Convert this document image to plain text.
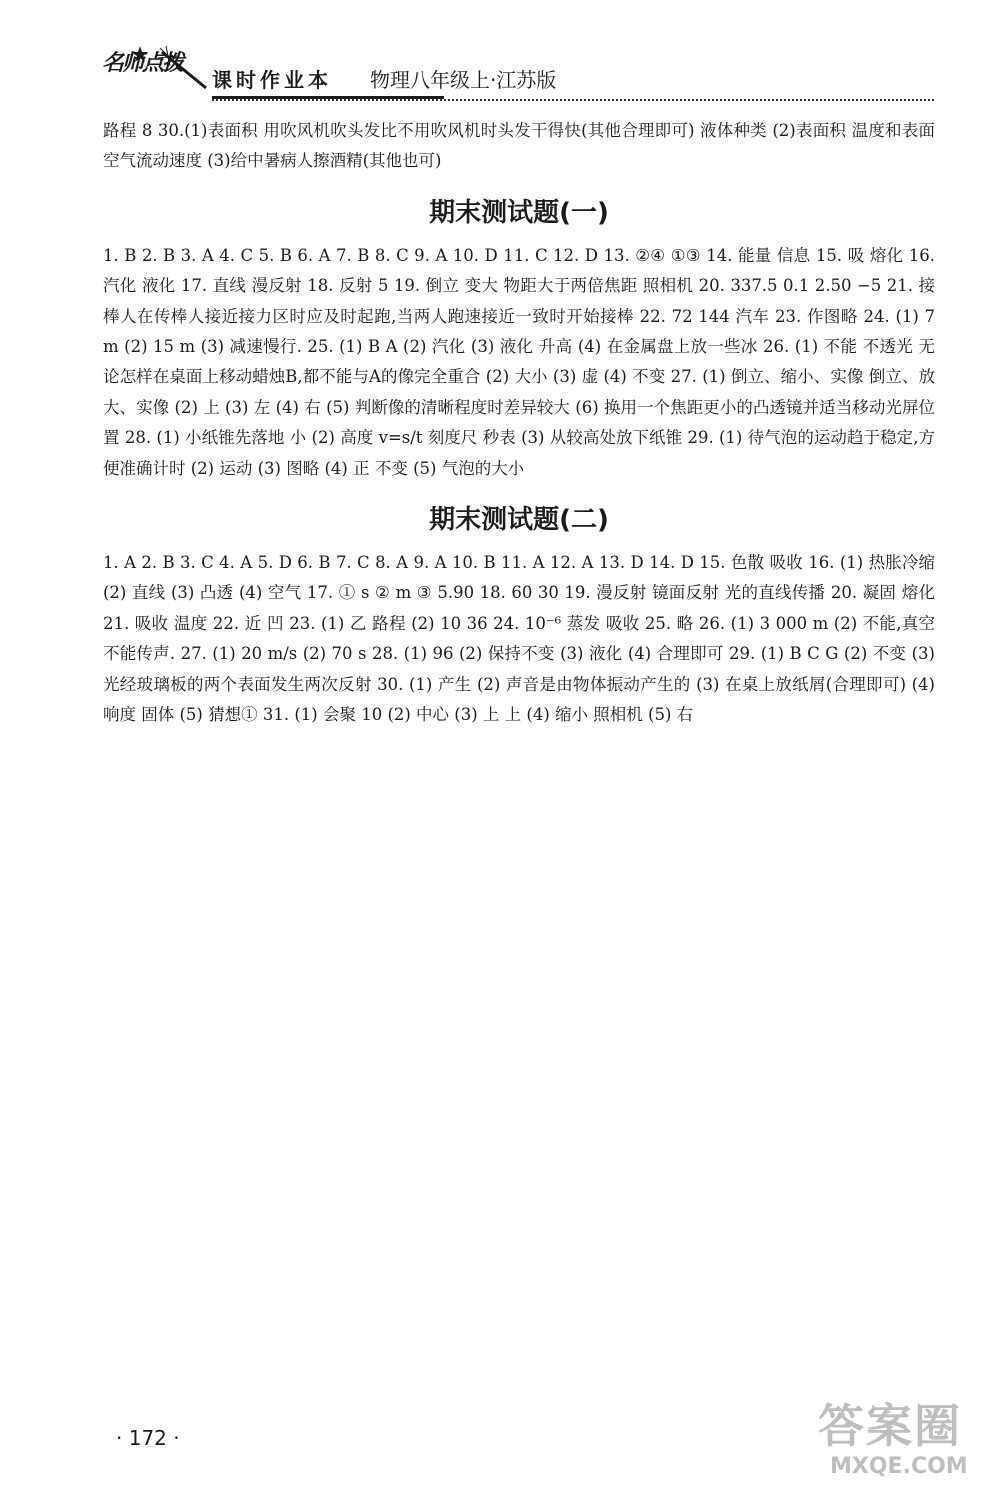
名师点拨
课时作业本 物理八年级上·江苏版

路程 8 30.(1)表面积 用吹风机吹头发比不用吹风机时头发干得快(其他合理即可) 液体种类 (2)表面积 温度和表面空气流动速度 (3)给中暑病人擦酒精(其他也可)

期末测试题(一)

1. B 2. B 3. A 4. C 5. B 6. A 7. B 8. C 9. A 10. D 11. C 12. D 13. ②④ ①③ 14. 能量 信息 15. 吸 熔化 16. 汽化 液化 17. 直线 漫反射 18. 反射 5 19. 倒立 变大 物距大于两倍焦距 照相机 20. 337.5 0.1 2.50 −5 21. 接棒人在传棒人接近接力区时应及时起跑,当两人跑速接近一致时开始接棒 22. 72 144 汽车 23. 作图略 24. (1) 7 m (2) 15 m (3) 减速慢行. 25. (1) B A (2) 汽化 (3) 液化 升高 (4) 在金属盘上放一些冰 26. (1) 不能 不透光 无论怎样在桌面上移动蜡烛B,都不能与A的像完全重合 (2) 大小 (3) 虚 (4) 不变 27. (1) 倒立、缩小、实像 倒立、放大、实像 (2) 上 (3) 左 (4) 右 (5) 判断像的清晰程度时差异较大 (6) 换用一个焦距更小的凸透镜并适当移动光屏位置 28. (1) 小纸锥先落地 小 (2) 高度 v=s/t 刻度尺 秒表 (3) 从较高处放下纸锥 29. (1) 待气泡的运动趋于稳定,方便准确计时 (2) 运动 (3) 图略 (4) 正 不变 (5) 气泡的大小

期末测试题(二)

1. A 2. B 3. C 4. A 5. D 6. B 7. C 8. A 9. A 10. B 11. A 12. A 13. D 14. D 15. 色散 吸收 16. (1) 热胀冷缩 (2) 直线 (3) 凸透 (4) 空气 17. ① s ② m ③ 5.90 18. 60 30 19. 漫反射 镜面反射 光的直线传播 20. 凝固 熔化 21. 吸收 温度 22. 近 凹 23. (1) 乙 路程 (2) 10 36 24. 10⁻⁶ 蒸发 吸收 25. 略 26. (1) 3 000 m (2) 不能,真空不能传声. 27. (1) 20 m/s (2) 70 s 28. (1) 96 (2) 保持不变 (3) 液化 (4) 合理即可 29. (1) B C G (2) 不变 (3) 光经玻璃板的两个表面发生两次反射 30. (1) 产生 (2) 声音是由物体振动产生的 (3) 在桌上放纸屑(合理即可) (4) 响度 固体 (5) 猜想① 31. (1) 会聚 10 (2) 中心 (3) 上 上 (4) 缩小 照相机 (5) 右

· 172 ·	答案圈
MXQE.COM
